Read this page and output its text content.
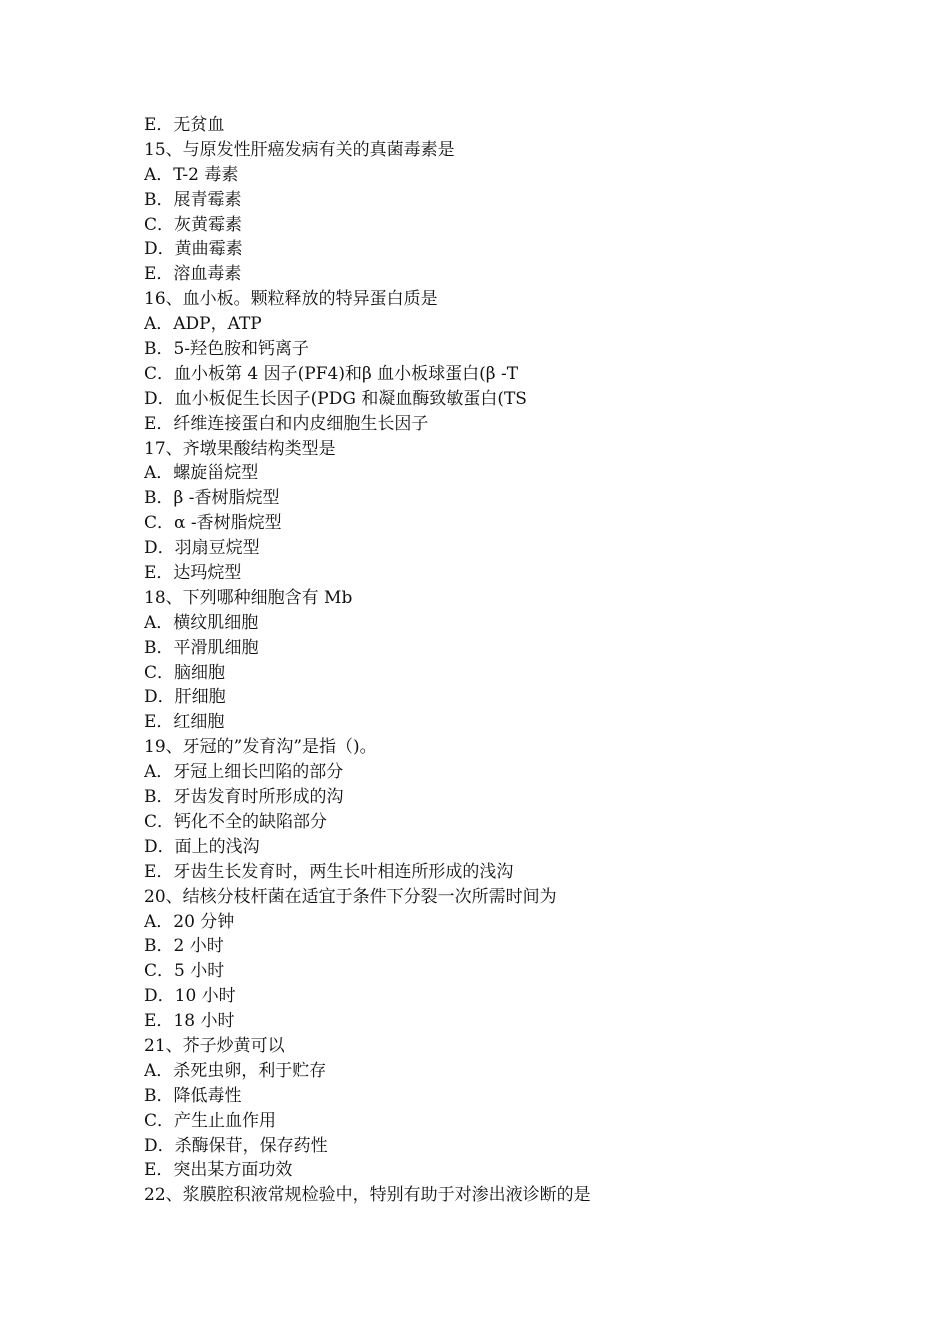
E．无贫血
15、与原发性肝癌发病有关的真菌毒素是
A．T-2 毒素
B．展青霉素
C．灰黄霉素
D．黄曲霉素
E．溶血毒素
16、血小板。颗粒释放的特异蛋白质是
A．ADP，ATP
B．5-羟色胺和钙离子
C．血小板第 4 因子(PF4)和β 血小板球蛋白(β -T
D．血小板促生长因子(PDG 和凝血酶致敏蛋白(TS
E．纤维连接蛋白和内皮细胞生长因子
17、齐墩果酸结构类型是
A．螺旋甾烷型
B．β -香树脂烷型
C．α -香树脂烷型
D．羽扇豆烷型
E．达玛烷型
18、下列哪种细胞含有 Mb
A．横纹肌细胞
B．平滑肌细胞
C．脑细胞
D．肝细胞
E．红细胞
19、牙冠的”发育沟”是指（)。
A．牙冠上细长凹陷的部分
B．牙齿发育时所形成的沟
C．钙化不全的缺陷部分
D．面上的浅沟
E．牙齿生长发育时，两生长叶相连所形成的浅沟
20、结核分枝杆菌在适宜于条件下分裂一次所需时间为
A．20 分钟
B．2 小时
C．5 小时
D．10 小时
E．18 小时
21、芥子炒黄可以
A．杀死虫卵，利于贮存
B．降低毒性
C．产生止血作用
D．杀酶保苷，保存药性
E．突出某方面功效
22、浆膜腔积液常规检验中，特别有助于对渗出液诊断的是
